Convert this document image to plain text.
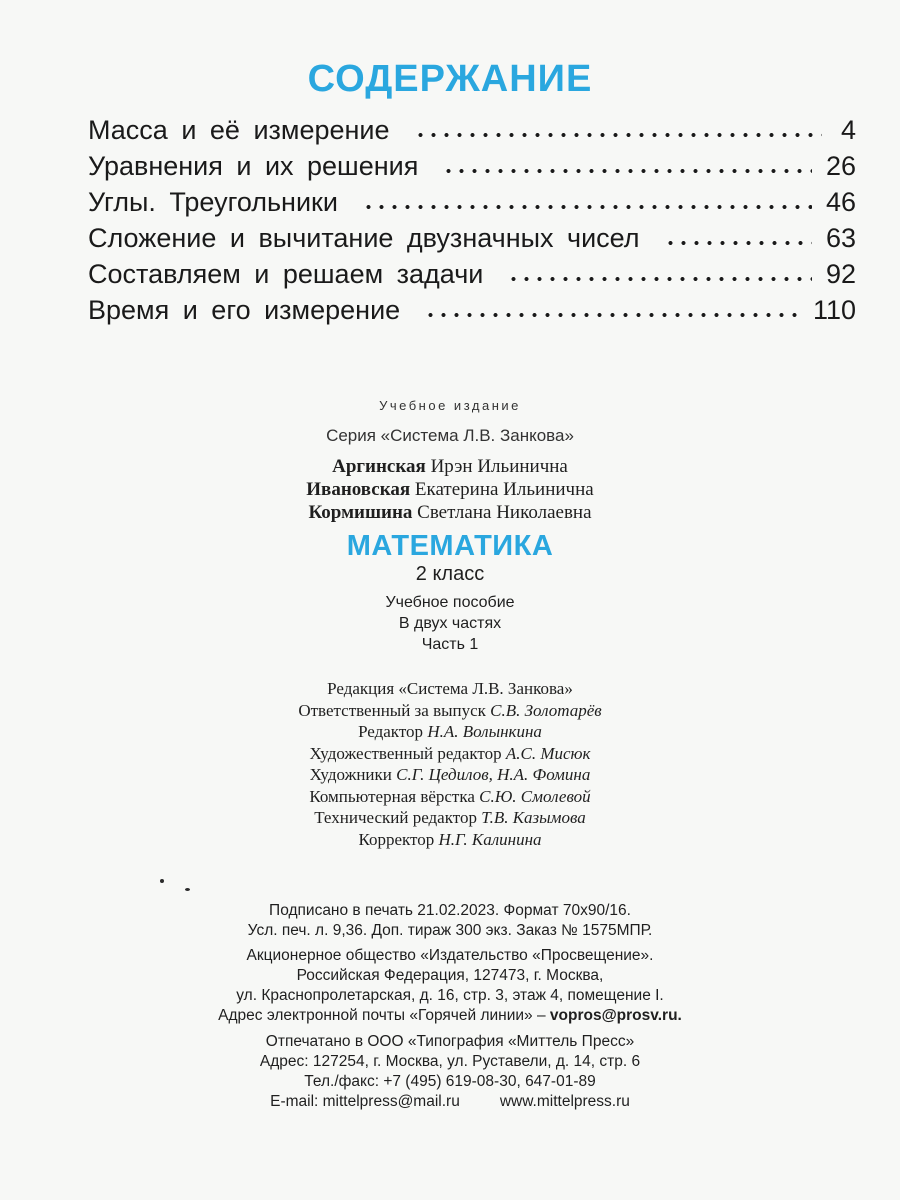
СОДЕРЖАНИЕ
Масса и её измерение	4
Уравнения и их решения	26
Углы. Треугольники	46
Сложение и вычитание двузначных чисел	63
Составляем и решаем задачи	92
Время и его измерение	110
Учебное издание
Серия «Система Л.В. Занкова»
Аргинская Ирэн Ильинична
Ивановская Екатерина Ильинична
Кормишина Светлана Николаевна
МАТЕМАТИКА
2 класс
Учебное пособие
В двух частях
Часть 1
Редакция «Система Л.В. Занкова»
Ответственный за выпуск С.В. Золотарёв
Редактор Н.А. Волынкина
Художественный редактор А.С. Мисюк
Художники С.Г. Цедилов, Н.А. Фомина
Компьютерная вёрстка С.Ю. Смолевой
Технический редактор Т.В. Казымова
Корректор Н.Г. Калинина
Подписано в печать 21.02.2023. Формат 70х90/16.
Усл. печ. л. 9,36. Доп. тираж 300 экз. Заказ № 1575МПР.
Акционерное общество «Издательство «Просвещение».
Российская Федерация, 127473, г. Москва,
ул. Краснопролетарская, д. 16, стр. 3, этаж 4, помещение I.
Адрес электронной почты «Горячей линии» – vopros@prosv.ru.
Отпечатано в ООО «Типография «Миттель Пресс»
Адрес: 127254, г. Москва, ул. Руставели, д. 14, стр. 6
Тел./факс: +7 (495) 619-08-30, 647-01-89
E-mail: mittelpress@mail.ru	www.mittelpress.ru
